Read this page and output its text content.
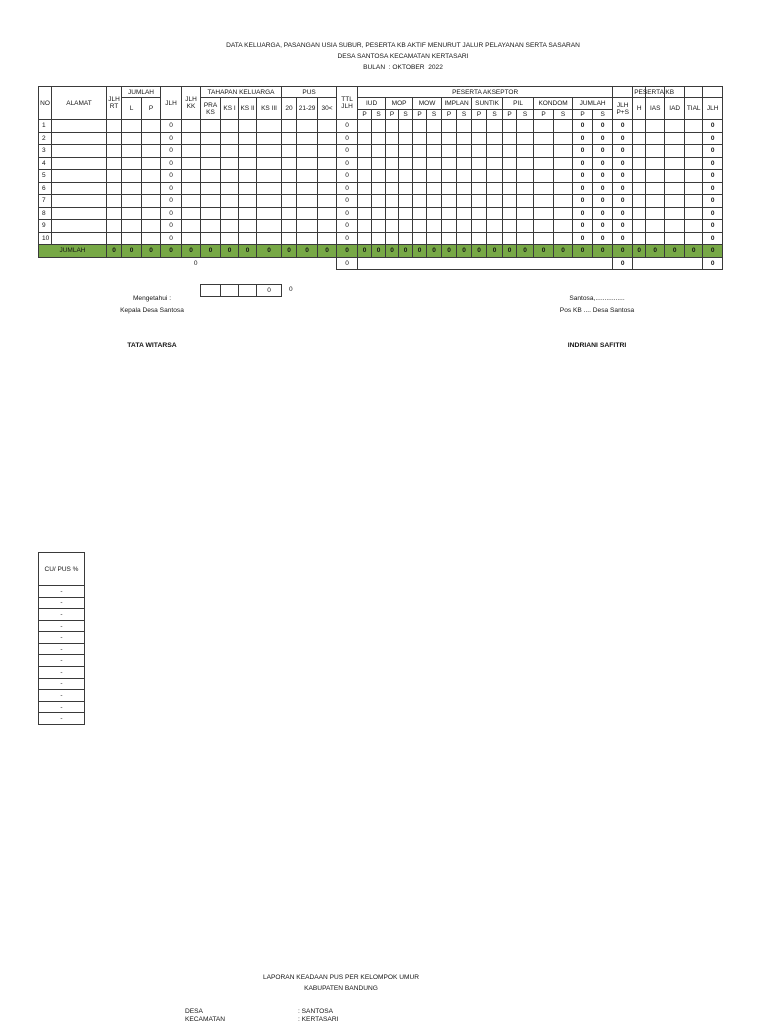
DATA KELUARGA, PASANGAN USIA SUBUR, PESERTA KB AKTIF MENURUT JALUR PELAYANAN SERTA SASARAN
DESA SANTOSA KECAMATAN KERTASARI
BULAN  : OKTOBER  2022
NO	ALAMAT	JLH RT	JUMLAH		JLH	JLH KK	TAHAPAN KELUARGA				PUS			TTL JLH	PESERTA AKSEPTOR																	PESERTA KB				

			L	P			PRA KS	KS I	KS II	KS III	20	21-29	30<		IUD		MOP		MOW		IMPLAN		SUNTIK		PIL		KONDOM		JUMLAH		JLH P+S	H	IAS	IAD	TIAL	JLH
															P	S	P	S	P	S	P	S	P	S	P	S	P	S	P	S						
1					0									0															0	0	0					0
2					0									0															0	0	0					0
3					0									0															0	0	0					0
4					0									0															0	0	0					0
5					0									0															0	0	0					0
6					0									0															0	0	0					0
7					0									0															0	0	0					0
8					0									0															0	0	0					0
9					0									0															0	0	0					0
10					0									0															0	0	0					0
JUMLAH		0	0	0	0	0	0	0	0	0	0	0	0	0	0	0	0	0	0	0	0	0	0	0	0	0	0	0	0	0	0	0	0	0	0	0
						0								0																	0					0
			0	0
Mengetahui :
Kepala Desa Santosa
TATA WITARSA
Santosa,................
Pos KB .... Desa Santosa
INDRIANI SAFITRI
CU/ PUS %
-
-
-
-
-
-
-
-
-
-
-
-
LAPORAN KEADAAN PUS PER KELOMPOK UMUR
KABUPATEN BANDUNG
DESA	: SANTOSA
KECAMATAN	: KERTASARI
